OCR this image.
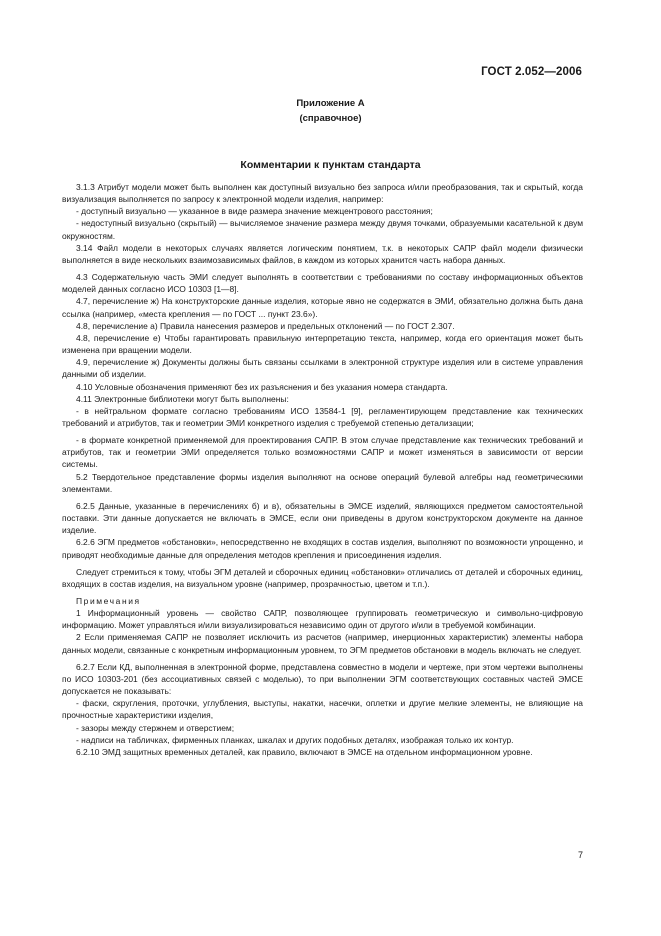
ГОСТ 2.052—2006
Приложение А
(справочное)
Комментарии к пунктам стандарта

3.1.3 Атрибут модели может быть выполнен как доступный визуально без запроса и/или преобразования, так и скрытый, когда визуализация выполняется по запросу к электронной модели изделия, например:

- доступный визуально — указанное в виде размера значение межцентрового расстояния;

- недоступный визуально (скрытый) — вычисляемое значение размера между двумя точками, образуемыми касательной к двум окружностям.

3.14 Файл модели в некоторых случаях является логическим понятием, т.к. в некоторых САПР файл модели физически выполняется в виде нескольких взаимозависимых файлов, в каждом из которых хранится часть набора данных.

4.3 Содержательную часть ЭМИ следует выполнять в соответствии с требованиями по составу информационных объектов моделей данных согласно ИСО 10303 [1—8].

4.7, перечисление ж) На конструкторские данные изделия, которые явно не содержатся в ЭМИ, обязательно должна быть дана ссылка (например, «места крепления — по ГОСТ ... пункт 23.6»).

4.8, перечисление а) Правила нанесения размеров и предельных отклонений — по ГОСТ 2.307.

4.8, перечисление е) Чтобы гарантировать правильную интерпретацию текста, например, когда его ориентация может быть изменена при вращении модели.

4.9, перечисление ж) Документы должны быть связаны ссылками в электронной структуре изделия или в системе управления данными об изделии.

4.10 Условные обозначения применяют без их разъяснения и без указания номера стандарта.

4.11 Электронные библиотеки могут быть выполнены:

- в нейтральном формате согласно требованиям ИСО 13584-1 [9], регламентирующем представление как технических требований и атрибутов, так и геометрии ЭМИ конкретного изделия с требуемой степенью детализации;

- в формате конкретной применяемой для проектирования САПР. В этом случае представление как технических требований и атрибутов, так и геометрии ЭМИ определяется только возможностями САПР и может изменяться в зависимости от версии системы.

5.2 Твердотельное представление формы изделия выполняют на основе операций булевой алгебры над геометрическими элементами.

6.2.5 Данные, указанные в перечислениях б) и в), обязательны в ЭМСЕ изделий, являющихся предметом самостоятельной поставки. Эти данные допускается не включать в ЭМСЕ, если они приведены в другом конструкторском документе на данное изделие.

6.2.6 ЭГМ предметов «обстановки», непосредственно не входящих в состав изделия, выполняют по возможности упрощенно, и приводят необходимые данные для определения методов крепления и присоединения изделия.

Следует стремиться к тому, чтобы ЭГМ деталей и сборочных единиц «обстановки» отличались от деталей и сборочных единиц, входящих в состав изделия, на визуальном уровне (например, прозрачностью, цветом и т.п.).

Примечания

1 Информационный уровень — свойство САПР, позволяющее группировать геометрическую и символьно-цифровую информацию. Может управляться и/или визуализироваться независимо один от другого и/или в требуемой комбинации.

2 Если применяемая САПР не позволяет исключить из расчетов (например, инерционных характеристик) элементы набора данных модели, связанные с конкретным информационным уровнем, то ЭГМ предметов обстановки в модель включать не следует.

6.2.7 Если КД, выполненная в электронной форме, представлена совместно в модели и чертеже, при этом чертежи выполнены по ИСО 10303-201 (без ассоциативных связей с моделью), то при выполнении ЭГМ соответствующих составных частей ЭМСЕ допускается не показывать:

- фаски, скругления, проточки, углубления, выступы, накатки, насечки, оплетки и другие мелкие элементы, не влияющие на прочностные характеристики изделия,

- зазоры между стержнем и отверстием;

- надписи на табличках, фирменных планках, шкалах и других подобных деталях, изображая только их контур.

6.2.10 ЭМД защитных временных деталей, как правило, включают в ЭМСЕ на отдельном информационном уровне.

7
